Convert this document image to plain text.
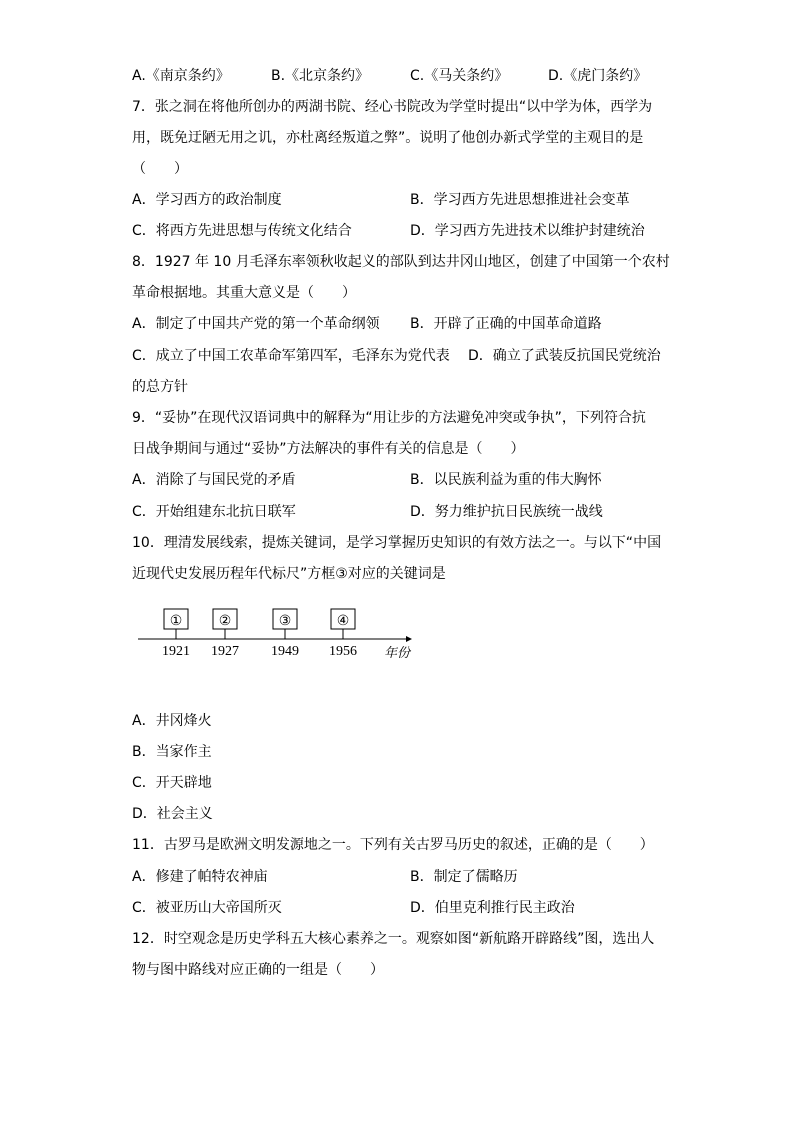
A.《南京条约》	B.《北京条约》	C.《马关条约》	D.《虎门条约》
7．张之洞在将他所创办的两湖书院、经心书院改为学堂时提出“以中学为体，西学为
用，既免迂陋无用之讥，亦杜离经叛道之弊”。说明了他创办新式学堂的主观目的是
（　　）
A．学习西方的政治制度	B．学习西方先进思想推进社会变革
C．将西方先进思想与传统文化结合	D．学习西方先进技术以维护封建统治
8．1927 年 10 月毛泽东率领秋收起义的部队到达井冈山地区，创建了中国第一个农村
革命根据地。其重大意义是（　　）
A．制定了中国共产党的第一个革命纲领 B．开辟了正确的中国革命道路
C．成立了中国工农革命军第四军，毛泽东为党代表 D．确立了武装反抗国民党统治
的总方针
9．“妥协”在现代汉语词典中的解释为“用让步的方法避免冲突或争执”，下列符合抗
日战争期间与通过“妥协”方法解决的事件有关的信息是（　　）
A．消除了与国民党的矛盾	B．以民族利益为重的伟大胸怀
C．开始组建东北抗日联军	D．努力维护抗日民族统一战线
10．理清发展线索，提炼关键词，是学习掌握历史知识的有效方法之一。与以下“中国
近现代史发展历程年代标尺”方框③对应的关键词是
①
1921
②
1927
③
1949
④
1956 年份
A．井冈烽火
B．当家作主
C．开天辟地
D．社会主义
11．古罗马是欧洲文明发源地之一。下列有关古罗马历史的叙述，正确的是（　　）
A．修建了帕特农神庙	B．制定了儒略历
C．被亚历山大帝国所灭	D．伯里克利推行民主政治
12．时空观念是历史学科五大核心素养之一。观察如图“新航路开辟路线”图，选出人
物与图中路线对应正确的一组是（　　）
